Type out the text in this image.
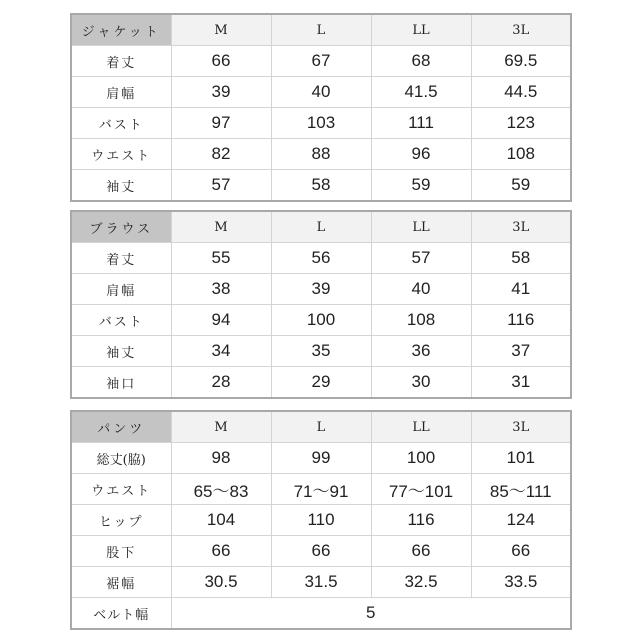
ジャケット	M	L	LL	3L
着丈	66	67	68	69.5
肩幅	39	40	41.5	44.5
バスト	97	103	111	123
ウエスト	82	88	96	108
袖丈	57	58	59	59
ブラウス	M	L	LL	3L
着丈	55	56	57	58
肩幅	38	39	40	41
バスト	94	100	108	116
袖丈	34	35	36	37
袖口	28	29	30	31
パンツ	M	L	LL	3L
総丈(脇)	98	99	100	101
ウエスト	65〜83	71〜91	77〜101	85〜111
ヒップ	104	110	116	124
股下	66	66	66	66
裾幅	30.5	31.5	32.5	33.5
ベルト幅	5			
